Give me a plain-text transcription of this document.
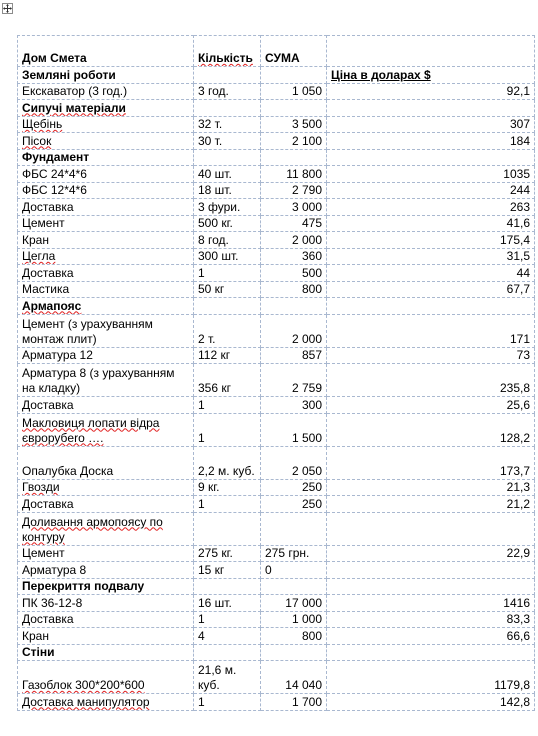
Дом Смета	Кількість	СУМА	
Земляні роботи			Ціна в доларах $
Екскаватор (3 год.)	3 год.	1 050	92,1
Сипучі матеріали			
Щебінь	32 т.	3 500	307
Пісок	30 т.	2 100	184
Фундамент			
ФБС 24*4*6	40 шт.	11 800	1035
ФБС 12*4*6	18 шт.	2 790	244
Доставка	3 фури.	3 000	263
Цемент	500 кг.	475	41,6
Кран	8 год.	2 000	175,4
Цегла	300 шт.	360	31,5
Доставка	1	500	44
Мастика	50 кг	800	67,7
Армапояс			
Цемент (з урахуванням монтаж плит)	2 т.	2 000	171
Арматура 12	112 кг	857	73
Арматура 8 (з урахуванням на кладку)	356 кг	2 759	235,8
Доставка	1	300	25,6
Макловиця лопати відра єврорубero ….	1	1 500	128,2
Опалубка Доска	2,2 м. куб.	2 050	173,7
Гвозди	9 кг.	250	21,3
Доставка	1	250	21,2
Доливання армопоясу по контуру			
Цемент	275 кг.	275 грн.	22,9
Арматура 8	15 кг	0	
Перекриття подвалу			
ПК 36-12-8	16 шт.	17 000	1416
Доставка	1	1 000	83,3
Кран	4	800	66,6
Стіни			
Газоблок 300*200*600	21,6 м. куб.	14 040	1179,8
Доставка манипулятор	1	1 700	142,8
